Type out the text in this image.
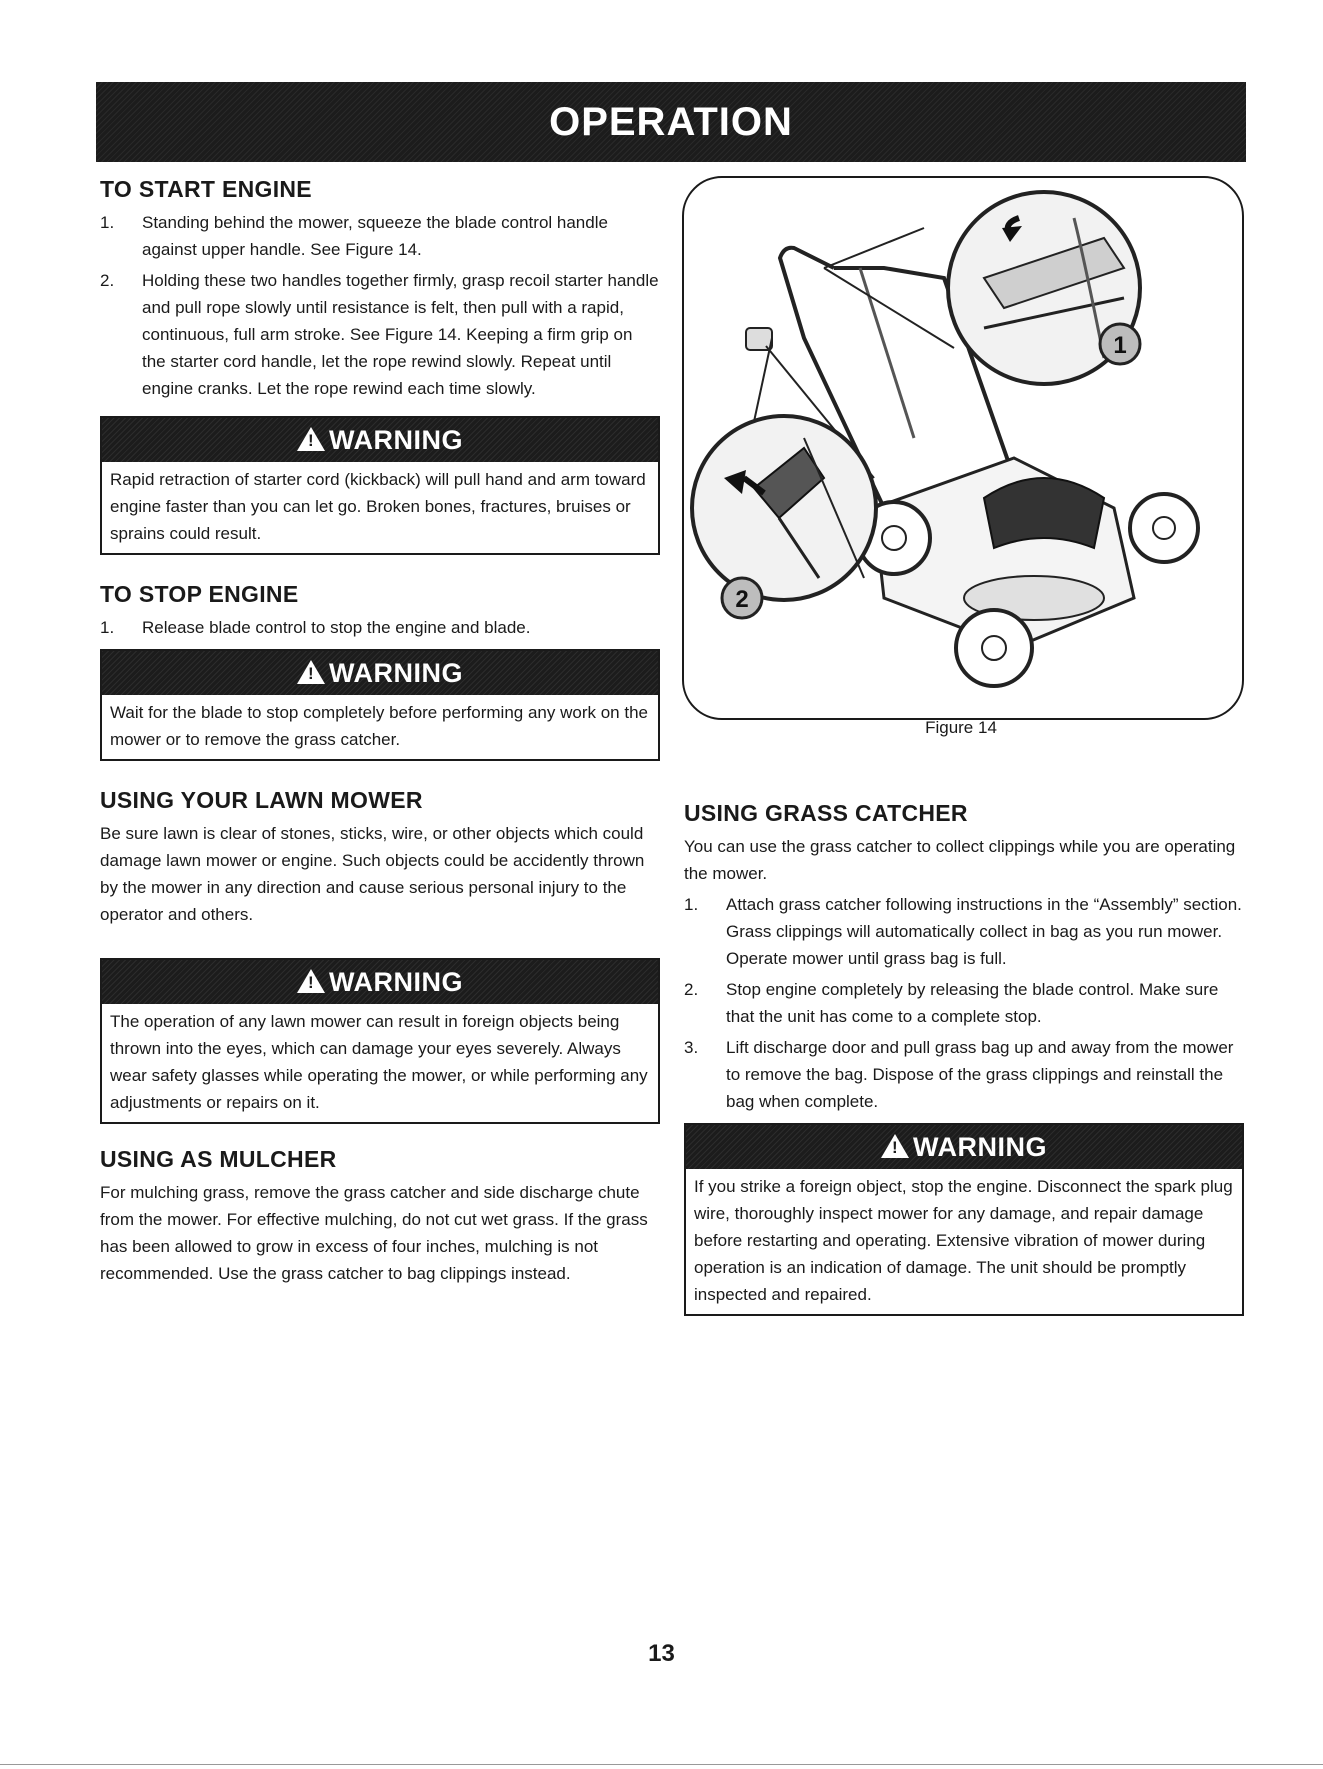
OPERATION
TO START ENGINE
1. Standing behind the mower, squeeze the blade control handle against upper handle. See Figure 14.
2. Holding these two handles together firmly, grasp recoil starter handle and pull rope slowly until resistance is felt, then pull with a rapid, continuous, full arm stroke. See Figure 14. Keeping a firm grip on the starter cord handle, let the rope rewind slowly. Repeat until engine cranks. Let the rope rewind each time slowly.
!
WARNING
Rapid retraction of starter cord (kickback) will pull hand and arm toward engine faster than you can let go. Broken bones, fractures, bruises or sprains could result.
TO STOP ENGINE
1. Release blade control to stop the engine and blade.
!
WARNING
Wait for the blade to stop completely before performing any work on the mower or to remove the grass catcher.
USING YOUR LAWN MOWER

Be sure lawn is clear of stones, sticks, wire, or other objects which could damage lawn mower or engine. Such objects could be accidently thrown by the mower in any direction and cause serious personal injury to the operator and others.

!
WARNING
The operation of any lawn mower can result in foreign objects being thrown into the eyes, which can damage your eyes severely. Always wear safety glasses while operating the mower, or while performing any adjustments or repairs on it.
USING AS MULCHER

For mulching grass, remove the grass catcher and side discharge chute from the mower. For effective mulching, do not cut wet grass. If the grass has been allowed to grow in excess of four inches, mulching is not recommended. Use the grass catcher to bag clippings instead.

1
2
Figure 14
USING GRASS CATCHER

You can use the grass catcher to collect clippings while you are operating the mower.

1. Attach grass catcher following instructions in the “Assembly” section. Grass clippings will automatically collect in bag as you run mower. Operate mower until grass bag is full.
2. Stop engine completely by releasing the blade control. Make sure that the unit has come to a complete stop.
3. Lift discharge door and pull grass bag up and away from the mower to remove the bag. Dispose of the grass clippings and reinstall the bag when complete.
!
WARNING
If you strike a foreign object, stop the engine. Disconnect the spark plug wire, thoroughly inspect mower for any damage, and repair damage before restarting and operating. Extensive vibration of mower during operation is an indication of damage. The unit should be promptly inspected and repaired.
13
